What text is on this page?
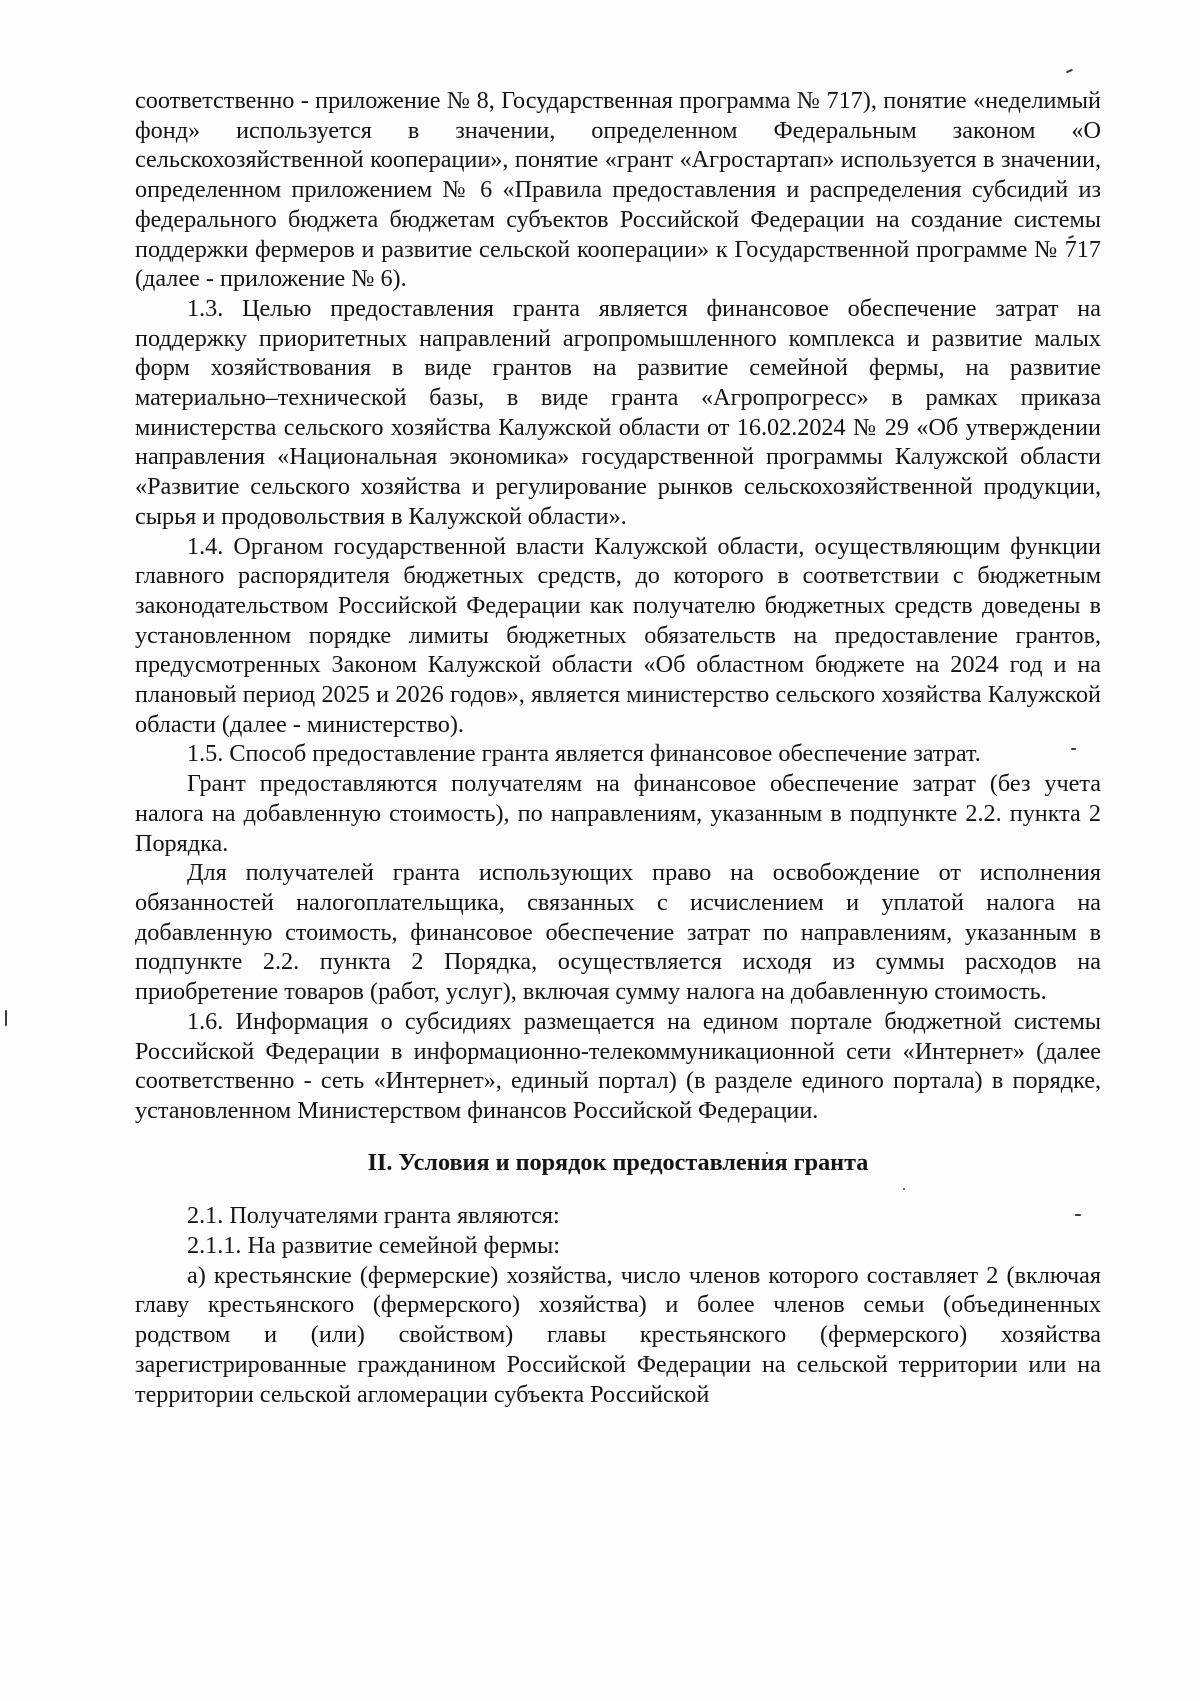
соответственно - приложение № 8, Государственная программа № 717), понятие «неделимый фонд» используется в значении, определенном Федеральным законом «О сельскохозяйственной кооперации», понятие «грант «Агростартап» используется в значении, определенном приложением № 6 «Правила предоставления и распределения субсидий из федерального бюджета бюджетам субъектов Российской Федерации на создание системы поддержки фермеров и развитие сельской кооперации» к Государственной программе № 717 (далее - приложение № 6).

1.3. Целью предоставления гранта является финансовое обеспечение затрат на поддержку приоритетных направлений агропромышленного комплекса и развитие малых форм хозяйствования в виде грантов на развитие семейной фермы, на развитие материально–технической базы, в виде гранта «Агропрогресс» в рамках приказа министерства сельского хозяйства Калужской области от 16.02.2024 № 29 «Об утверждении направления «Национальная экономика» государственной программы Калужской области «Развитие сельского хозяйства и регулирование рынков сельскохозяйственной продукции, сырья и продовольствия в Калужской области».

1.4. Органом государственной власти Калужской области, осуществляющим функции главного распорядителя бюджетных средств, до которого в соответствии с бюджетным законодательством Российской Федерации как получателю бюджетных средств доведены в установленном порядке лимиты бюджетных обязательств на предоставление грантов, предусмотренных Законом Калужской области «Об областном бюджете на 2024 год и на плановый период 2025 и 2026 годов», является министерство сельского хозяйства Калужской области (далее - министерство).

1.5. Способ предоставление гранта является финансовое обеспечение затрат.

Грант предоставляются получателям на финансовое обеспечение затрат (без учета налога на добавленную стоимость), по направлениям, указанным в подпункте 2.2. пункта 2 Порядка.

Для получателей гранта использующих право на освобождение от исполнения обязанностей налогоплательщика, связанных с исчислением и уплатой налога на добавленную стоимость, финансовое обеспечение затрат по направлениям, указанным в подпункте 2.2. пункта 2 Порядка, осуществляется исходя из суммы расходов на приобретение товаров (работ, услуг), включая сумму налога на добавленную стоимость.

1.6. Информация о субсидиях размещается на едином портале бюджетной системы Российской Федерации в информационно-телекоммуникационной сети «Интернет» (далее соответственно - сеть «Интернет», единый портал) (в разделе единого портала) в порядке, установленном Министерством финансов Российской Федерации.

II. Условия и порядок предоставления гранта

2.1. Получателями гранта являются:

2.1.1. На развитие семейной фермы:

а) крестьянские (фермерские) хозяйства, число членов которого составляет 2 (включая главу крестьянского (фермерского) хозяйства) и более членов семьи (объединенных родством и (или) свойством) главы крестьянского (фермерского) хозяйства зарегистрированные гражданином Российской Федерации на сельской территории или на территории сельской агломерации субъекта Российской
